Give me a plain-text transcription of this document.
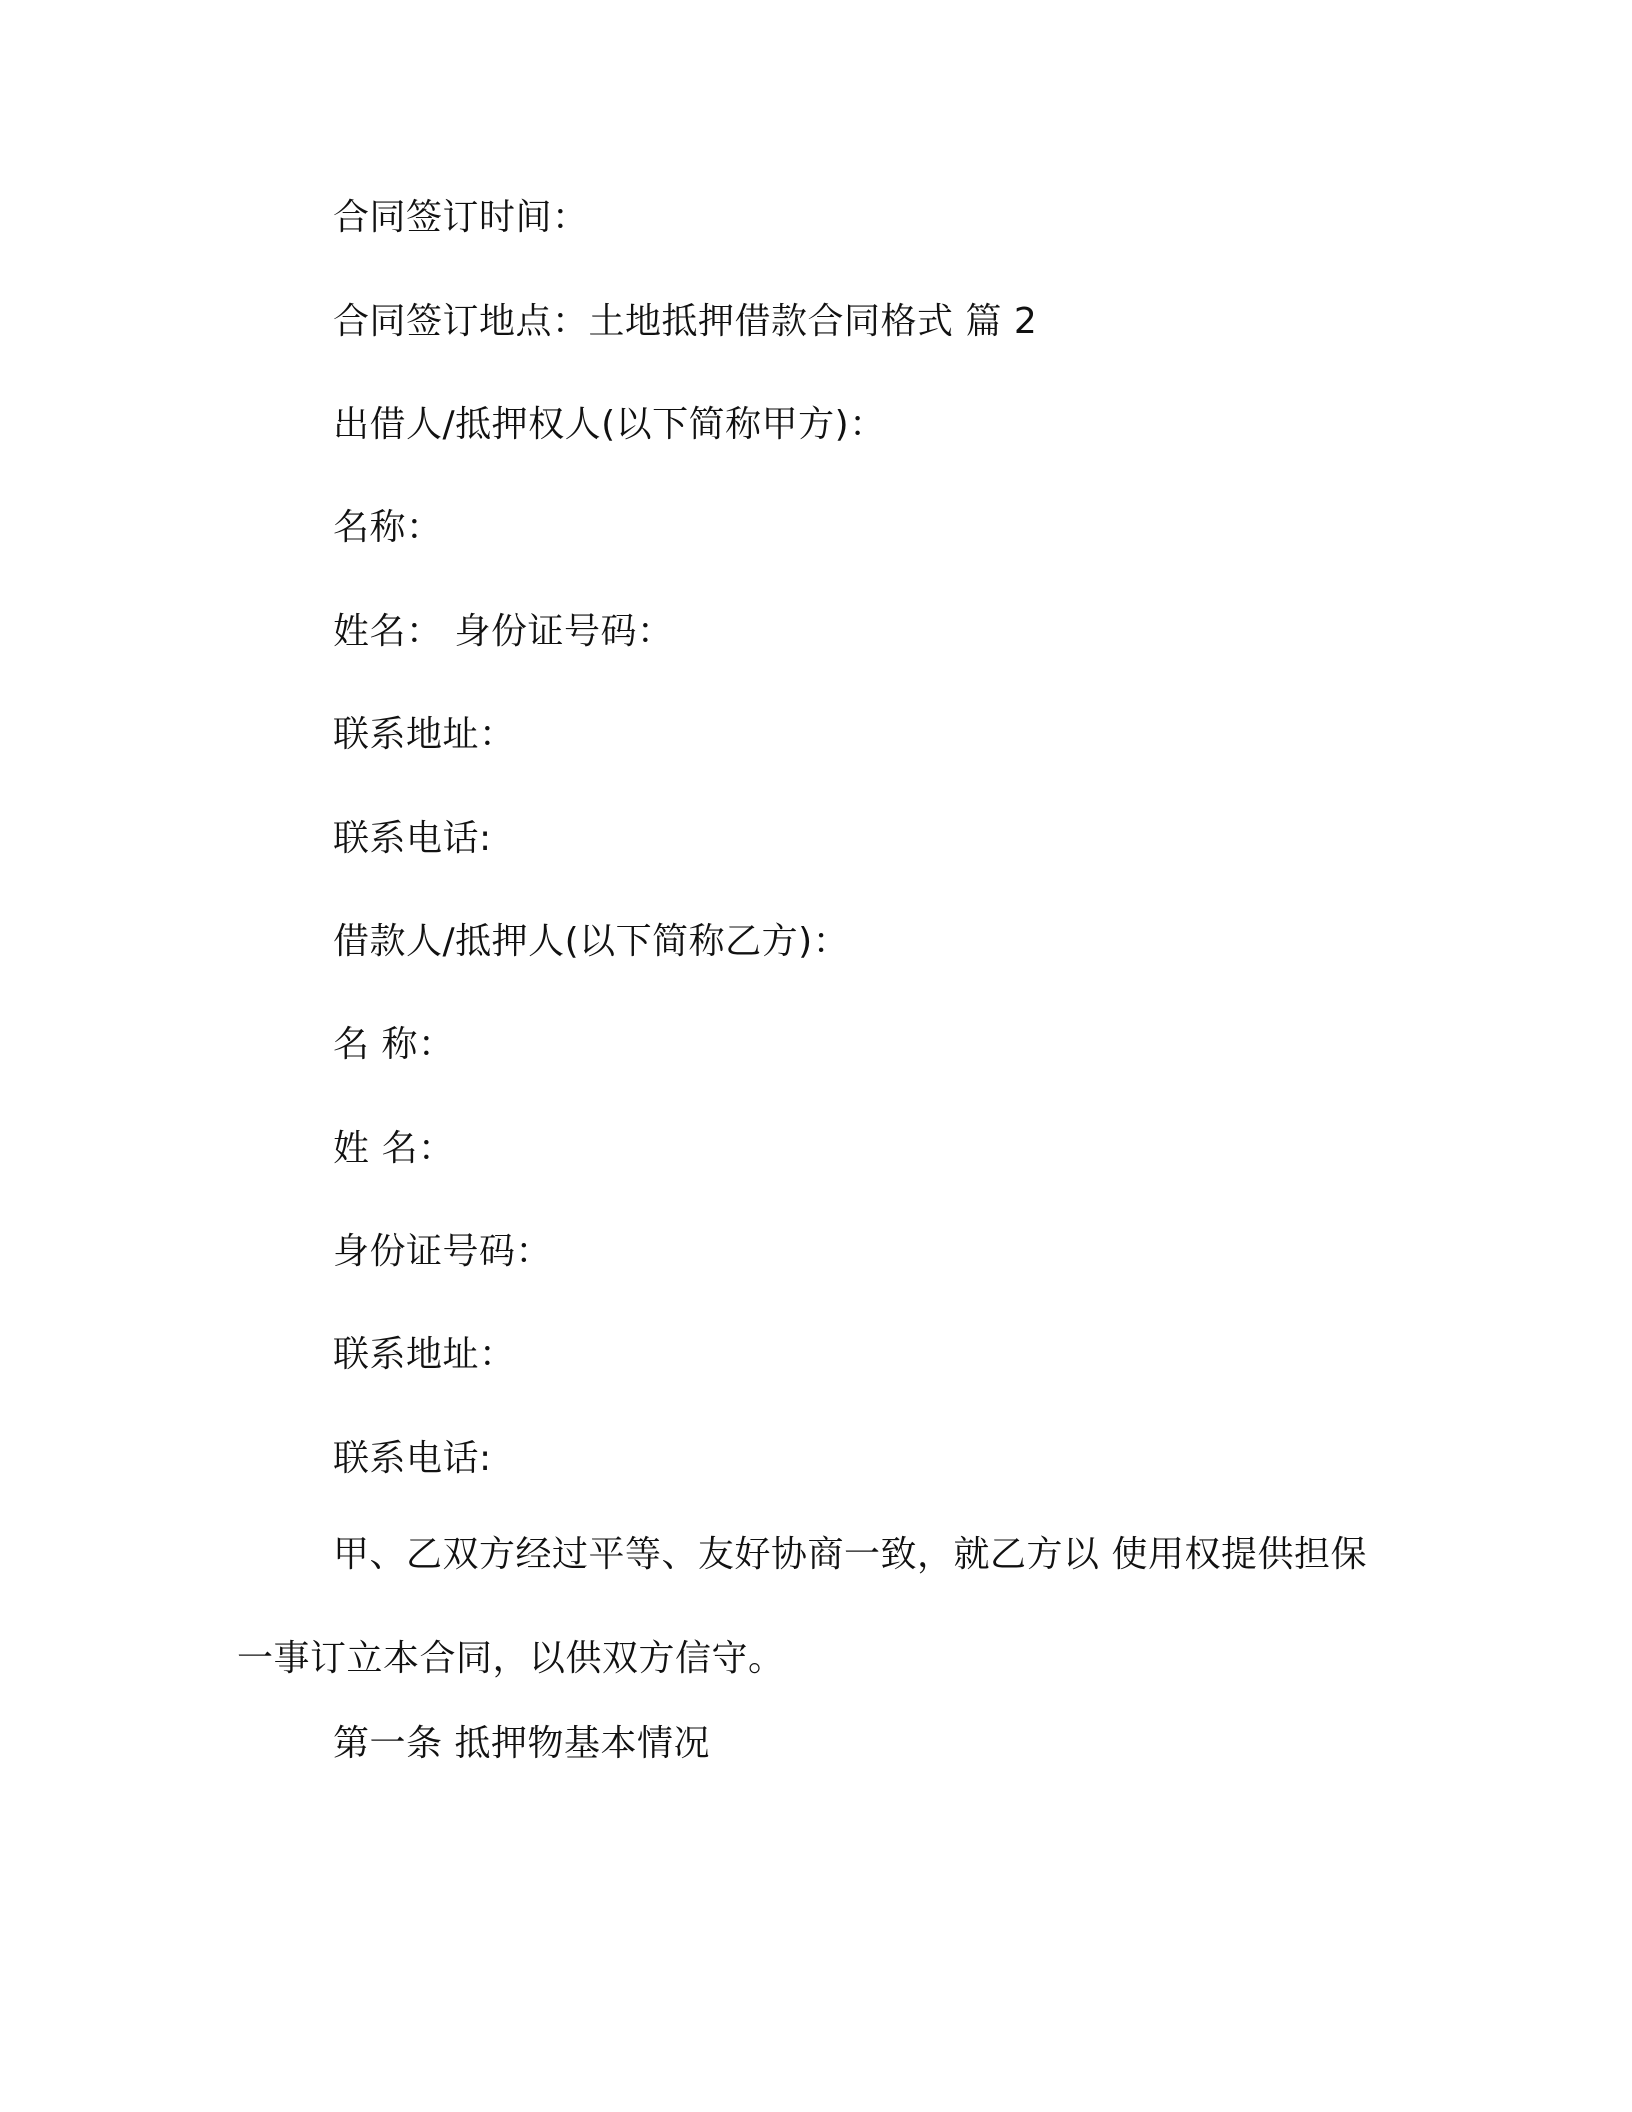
合同签订时间：
合同签订地点：土地抵押借款合同格式 篇 2
出借人/抵押权人(以下简称甲方)：
名称：
姓名： 身份证号码：
联系地址：
联系电话:
借款人/抵押人(以下简称乙方)：
名 称：
姓 名：
身份证号码：
联系地址：
联系电话:
甲、乙双方经过平等、友好协商一致，就乙方以 使用权提供担保
一事订立本合同，以供双方信守。
第一条 抵押物基本情况
